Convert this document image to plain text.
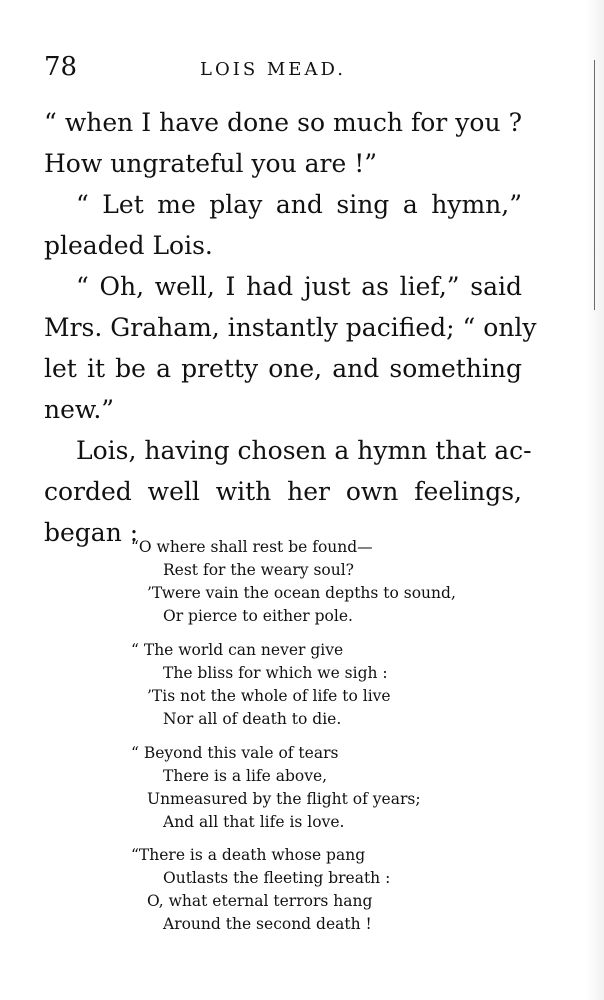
78	LOIS MEAD.
“ when I have done so much for you ?
How ungrateful you are !”
“ Let me play and sing a hymn,”
pleaded Lois.
“ Oh, well, I had just as lief,” said
Mrs. Graham, instantly pacified; “ only
let it be a pretty one, and something
new.”
Lois, having chosen a hymn that ac-
corded well with her own feelings,
began :
“O where shall rest be found—
Rest for the weary soul?
’Twere vain the ocean depths to sound,
Or pierce to either pole.
“ The world can never give
The bliss for which we sigh :
’Tis not the whole of life to live
Nor all of death to die.
“ Beyond this vale of tears
There is a life above,
Unmeasured by the flight of years;
And all that life is love.
“There is a death whose pang
Outlasts the fleeting breath :
O, what eternal terrors hang
Around the second death !
